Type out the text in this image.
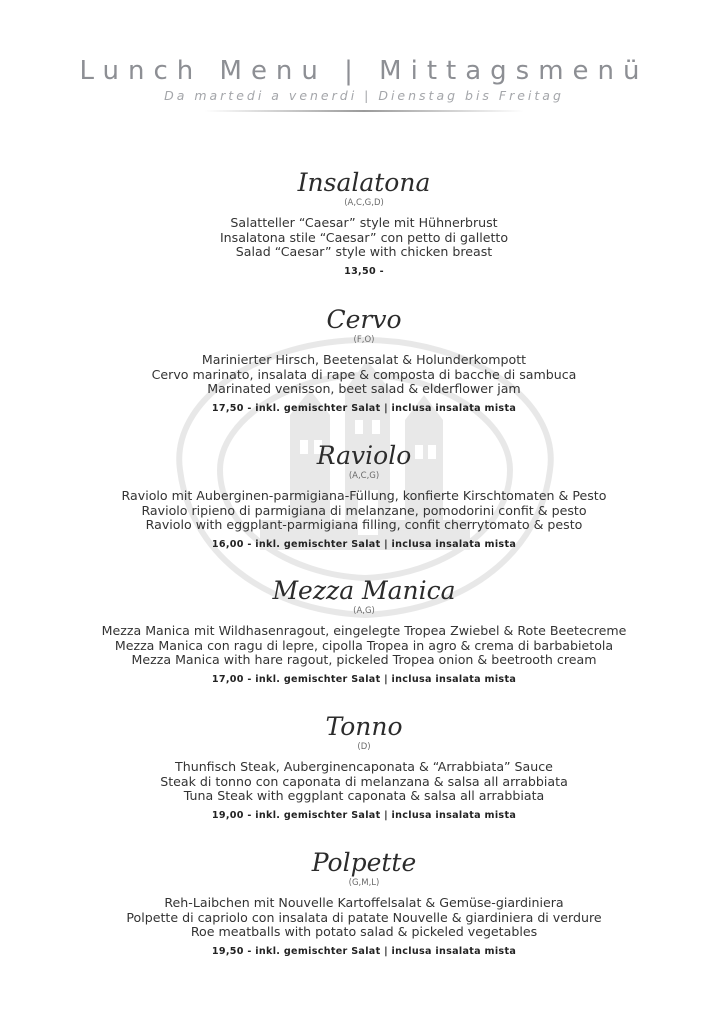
Lunch Menu | Mittagsmenü
Da martedi a venerdi | Dienstag bis Freitag
Insalatona
(A,C,G,D)
Salatteller “Caesar” style mit Hühnerbrust
Insalatona stile “Caesar” con petto di galletto
Salad “Caesar” style with chicken breast
13,50 -
Cervo
(F,O)
Marinierter Hirsch, Beetensalat & Holunderkompott
Cervo marinato, insalata di rape & composta di bacche di sambuca
Marinated venisson, beet salad & elderflower jam
17,50 - inkl. gemischter Salat | inclusa insalata mista
Raviolo
(A,C,G)
Raviolo mit Auberginen-parmigiana-Füllung, konfierte Kirschtomaten & Pesto
Raviolo ripieno di parmigiana di melanzane, pomodorini confit & pesto
Raviolo with eggplant-parmigiana filling, confit cherrytomato & pesto
16,00 - inkl. gemischter Salat | inclusa insalata mista
Mezza Manica
(A,G)
Mezza Manica mit Wildhasenragout, eingelegte Tropea Zwiebel & Rote Beetecreme
Mezza Manica con ragu di lepre, cipolla Tropea in agro & crema di barbabietola
Mezza Manica with hare ragout, pickeled Tropea onion & beetrooth cream
17,00 - inkl. gemischter Salat | inclusa insalata mista
Tonno
(D)
Thunfisch Steak, Auberginencaponata & “Arrabbiata” Sauce
Steak di tonno con caponata di melanzana & salsa all arrabbiata
Tuna Steak with eggplant caponata & salsa all arrabbiata
19,00 - inkl. gemischter Salat | inclusa insalata mista
Polpette
(G,M,L)
Reh-Laibchen mit Nouvelle Kartoffelsalat & Gemüse-giardiniera
Polpette di capriolo con insalata di patate Nouvelle & giardiniera di verdure
Roe meatballs with potato salad & pickeled vegetables
19,50 - inkl. gemischter Salat | inclusa insalata mista
